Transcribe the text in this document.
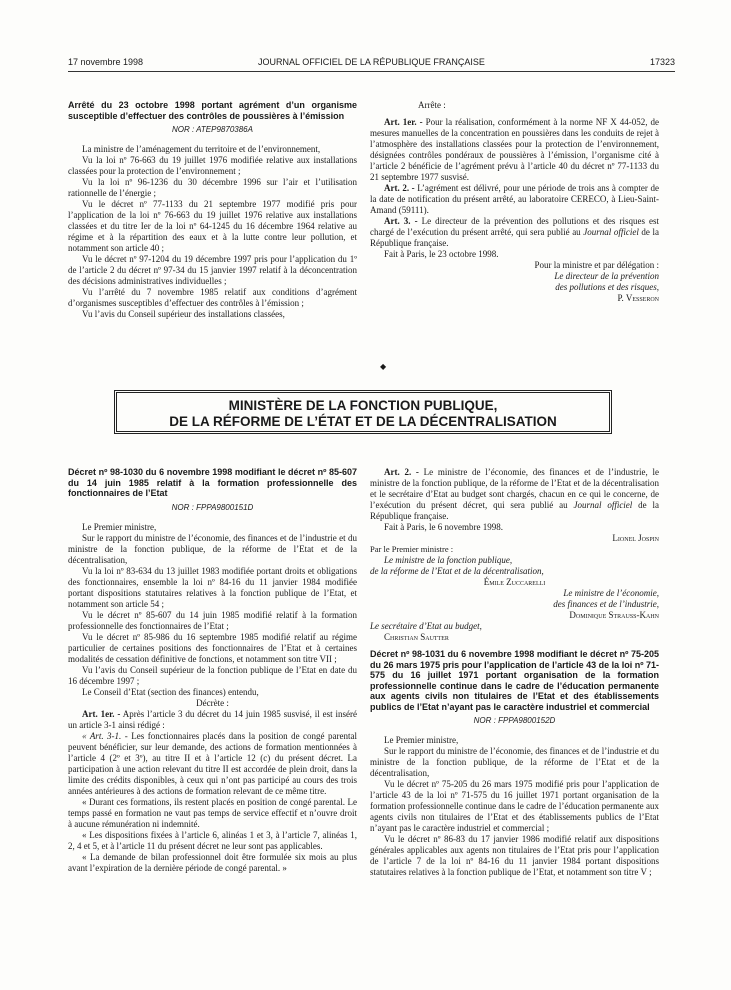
17 novembre 1998	JOURNAL OFFICIEL DE LA RÉPUBLIQUE FRANÇAISE	17323

Arrêté du 23 octobre 1998 portant agrément d’un organisme susceptible d’effectuer des contrôles de poussières à l’émission

NOR : ATEP9870386A

La ministre de l’aménagement du territoire et de l’environnement,

Vu la loi nº 76-663 du 19 juillet 1976 modifiée relative aux installations classées pour la protection de l’environnement ;

Vu la loi nº 96-1236 du 30 décembre 1996 sur l’air et l’utilisation rationnelle de l’énergie ;

Vu le décret nº 77-1133 du 21 septembre 1977 modifié pris pour l’application de la loi nº 76-663 du 19 juillet 1976 relative aux installations classées et du titre Ier de la loi nº 64-1245 du 16 décembre 1964 relative au régime et à la répartition des eaux et à la lutte contre leur pollution, et notamment son article 40 ;

Vu le décret nº 97-1204 du 19 décembre 1997 pris pour l’application du 1º de l’article 2 du décret nº 97-34 du 15 janvier 1997 relatif à la déconcentration des décisions administratives individuelles ;

Vu l’arrêté du 7 novembre 1985 relatif aux conditions d’agrément d’organismes susceptibles d’effectuer des contrôles à l’émission ;

Vu l’avis du Conseil supérieur des installations classées,

Arrête :

Art. 1er. - Pour la réalisation, conformément à la norme NF X 44-052, de mesures manuelles de la concentration en poussières dans les conduits de rejet à l’atmosphère des installations classées pour la protection de l’environnement, désignées contrôles pondéraux de poussières à l’émission, l’organisme cité à l’article 2 bénéficie de l’agrément prévu à l’article 40 du décret nº 77-1133 du 21 septembre 1977 susvisé.

Art. 2. - L’agrément est délivré, pour une période de trois ans à compter de la date de notification du présent arrêté, au laboratoire CERECO, à Lieu-Saint-Amand (59111).

Art. 3. - Le directeur de la prévention des pollutions et des risques est chargé de l’exécution du présent arrêté, qui sera publié au Journal officiel de la République française.

Fait à Paris, le 23 octobre 1998.

Pour la ministre et par délégation :

Le directeur de la prévention

des pollutions et des risques,

P. Vesseron

◆
MINISTÈRE DE LA FONCTION PUBLIQUE,
DE LA RÉFORME DE L’ÉTAT ET DE LA DÉCENTRALISATION

Décret nº 98-1030 du 6 novembre 1998 modifiant le décret nº 85-607 du 14 juin 1985 relatif à la formation professionnelle des fonctionnaires de l’Etat

NOR : FPPA9800151D

Le Premier ministre,

Sur le rapport du ministre de l’économie, des finances et de l’industrie et du ministre de la fonction publique, de la réforme de l’Etat et de la décentralisation,

Vu la loi nº 83-634 du 13 juillet 1983 modifiée portant droits et obligations des fonctionnaires, ensemble la loi nº 84-16 du 11 janvier 1984 modifiée portant dispositions statutaires relatives à la fonction publique de l’Etat, et notamment son article 54 ;

Vu le décret nº 85-607 du 14 juin 1985 modifié relatif à la formation professionnelle des fonctionnaires de l’Etat ;

Vu le décret nº 85-986 du 16 septembre 1985 modifié relatif au régime particulier de certaines positions des fonctionnaires de l’Etat et à certaines modalités de cessation définitive de fonctions, et notamment son titre VII ;

Vu l’avis du Conseil supérieur de la fonction publique de l’Etat en date du 16 décembre 1997 ;

Le Conseil d’Etat (section des finances) entendu,

Décrète :

Art. 1er. - Après l’article 3 du décret du 14 juin 1985 susvisé, il est inséré un article 3-1 ainsi rédigé :

« Art. 3-1. - Les fonctionnaires placés dans la position de congé parental peuvent bénéficier, sur leur demande, des actions de formation mentionnées à l’article 4 (2º et 3º), au titre II et à l’article 12 (c) du présent décret. La participation à une action relevant du titre II est accordée de plein droit, dans la limite des crédits disponibles, à ceux qui n’ont pas participé au cours des trois années antérieures à des actions de formation relevant de ce même titre.

« Durant ces formations, ils restent placés en position de congé parental. Le temps passé en formation ne vaut pas temps de service effectif et n’ouvre droit à aucune rémunération ni indemnité.

« Les dispositions fixées à l’article 6, alinéas 1 et 3, à l’article 7, alinéas 1, 2, 4 et 5, et à l’article 11 du présent décret ne leur sont pas applicables.

« La demande de bilan professionnel doit être formulée six mois au plus avant l’expiration de la dernière période de congé parental. »

Art. 2. - Le ministre de l’économie, des finances et de l’industrie, le ministre de la fonction publique, de la réforme de l’Etat et de la décentralisation et le secrétaire d’Etat au budget sont chargés, chacun en ce qui le concerne, de l’exécution du présent décret, qui sera publié au Journal officiel de la République française.

Fait à Paris, le 6 novembre 1998.

Lionel Jospin

Par le Premier ministre :

Le ministre de la fonction publique,

de la réforme de l’Etat et de la décentralisation,

Émile Zuccarelli

Le ministre de l’économie,

des finances et de l’industrie,

Dominique Strauss-Kahn

Le secrétaire d’Etat au budget,

Christian Sautter

Décret nº 98-1031 du 6 novembre 1998 modifiant le décret nº 75-205 du 26 mars 1975 pris pour l’application de l’article 43 de la loi nº 71-575 du 16 juillet 1971 portant organisation de la formation professionnelle continue dans le cadre de l’éducation permanente aux agents civils non titulaires de l’Etat et des établissements publics de l’Etat n’ayant pas le caractère industriel et commercial

NOR : FPPA9800152D

Le Premier ministre,

Sur le rapport du ministre de l’économie, des finances et de l’industrie et du ministre de la fonction publique, de la réforme de l’Etat et de la décentralisation,

Vu le décret nº 75-205 du 26 mars 1975 modifié pris pour l’application de l’article 43 de la loi nº 71-575 du 16 juillet 1971 portant organisation de la formation professionnelle continue dans le cadre de l’éducation permanente aux agents civils non titulaires de l’Etat et des établissements publics de l’Etat n’ayant pas le caractère industriel et commercial ;

Vu le décret nº 86-83 du 17 janvier 1986 modifié relatif aux dispositions générales applicables aux agents non titulaires de l’Etat pris pour l’application de l’article 7 de la loi nº 84-16 du 11 janvier 1984 portant dispositions statutaires relatives à la fonction publique de l’Etat, et notamment son titre V ;
